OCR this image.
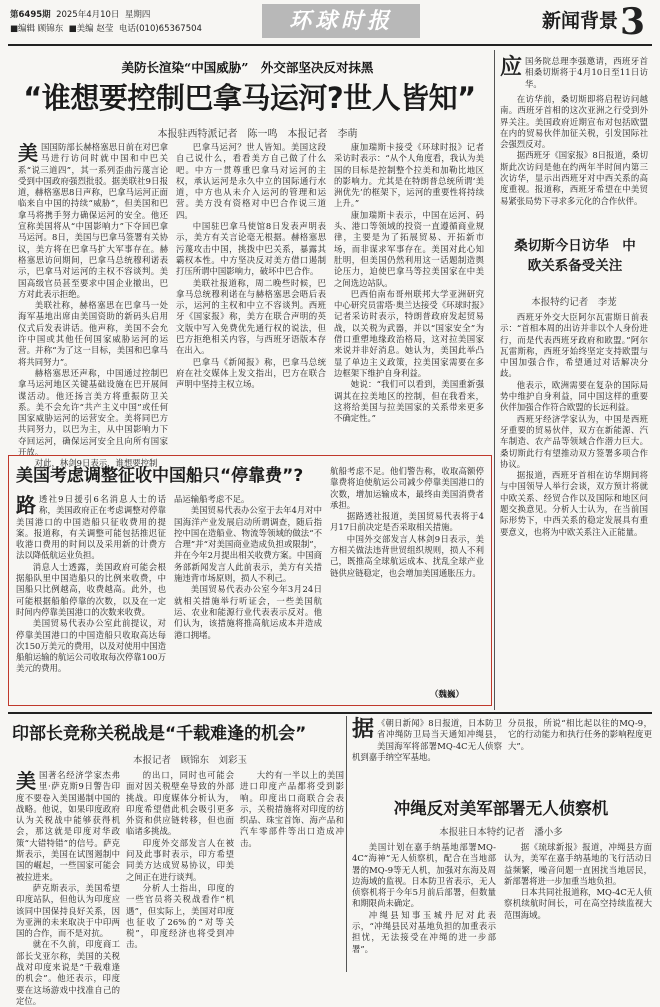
第6495期 2025年4月10日 星期四
■编辑 顾锦东 ■美编 赵莹 电话(010)65367504	环球时报	新闻背景 3
美防长渲染“中国威胁”　外交部坚决反对抹黑
“谁想要控制巴拿马运河?世人皆知”
本报驻西特派记者　陈一鸣　本报记者　李萌

美国国防部长赫格塞思日前在对巴拿马进行访问时就中国和中巴关系“说三道四”，其一系列歪曲污蔑言论受到中国政府强烈批驳。据美联社9日报道，赫格塞思8日声称，巴拿马运河正面临来自中国的持续“威胁”，但美国和巴拿马将携手努力确保运河的安全。他还宣称美国将从“中国影响力”下夺回巴拿马运河。8日，美国与巴拿马签署有关协议，美方将在巴拿马扩大军事存在。赫格塞思访问期间，巴拿马总统穆利诺表示，巴拿马对运河的主权不容谈判。美国高级官员甚至要求中国企业撤出，巴方对此表示拒绝。

美联社称，赫格塞思在巴拿马一处海军基地出席由美国资助的新码头启用仪式后发表讲话。他声称，美国不会允许中国或其他任何国家威胁运河的运营。并称“为了这一目标，美国和巴拿马将共同努力”。

赫格塞思还声称，中国通过控制巴拿马运河地区关键基础设施在巴开展间谍活动。他还扬言美方将重振防卫关系。美不会允许“共产主义中国”或任何国家威胁运河的运营安全。美将同巴方共同努力，以巴为主，从中国影响力下夺回运河，确保运河安全且向所有国家开放。

对此，林剑9日表示，谁想要控制

巴拿马运河？世人皆知。美国这段自己说什么，看看美方自己做了什么吧。中方一贯尊重巴拿马对运河的主权，承认运河是永久中立的国际通行水道，中方也从未介入运河的管理和运营。美方没有资格对中巴合作说三道四。

中国驻巴拿马使馆8日发表声明表示，美方有关言论毫无根据。赫格塞思污蔑攻击中国，挑拨中巴关系，暴露其霸权本性。中方坚决反对美方借口遏制打压所谓中国影响力，破坏中巴合作。

美联社报道称，周二晚些时候，巴拿马总统穆利诺在与赫格塞思会晤后表示，运河的主权和中立不容谈判。西班牙《国家报》称，美方在联合声明的英文版中写入免费优先通行权的说法，但巴方拒绝相关内容，与西班牙语版本存在出入。

巴拿马《新闻报》称，巴拿马总统府在社交媒体上发文指出，巴方在联合声明中坚持主权立场。

康加瑞斯卡接受《环球时报》记者采访时表示：“从个人角度看，我认为美国的目标是控制整个拉美和加勒比地区的影响力。尤其是在特朗普总统所谓‘美洲优先’的框架下，运河的重要性将持续上升。”

康加瑞斯卡表示，中国在运河、码头、港口等领域的投资一直遵循商业规律，主要是为了拓展贸易、开拓新市场，而非谋求军事存在。美国对此心知肚明，但美国仍然利用这一话题制造舆论压力，迫使巴拿马等拉美国家在中美之间选边站队。

巴西伯南布哥州联邦大学亚洲研究中心研究员雷塔·奥兰达接受《环球时报》记者采访时表示，特朗普政府发起贸易战，以关税为武器，并以“国家安全”为借口重塑地缘政治格局，这对拉美国家来说并非好消息。她认为，美国此举凸显了单边主义政策，拉美国家需要在多边框架下维护自身利益。

她说：“我们可以看到，美国重新强调其在拉美地区的控制，但在我看来，这将给美国与拉美国家的关系带来更多不确定性。”

美国考虑调整征收中国船只“停靠费”?

路透社9日援引6名消息人士的话称，美国政府正在考虑调整对停靠美国港口的中国造船只征收费用的提案。报道称，有关调整可能包括推迟征收港口费用的时间以及采用新的计费方法以降低航运业负担。

消息人士透露，美国政府可能会根据船队里中国造船只的比例来收费，中国船只比例越高，收费越高。此外，也可能根据船舶停靠的次数，以及在一定时间内停靠美国港口的次数来收费。

美国贸易代表办公室此前提议，对停靠美国港口的中国造船只收取高达每次150万美元的费用，以及对使用中国造船舶运输的航运公司收取每次停靠100万美元的费用。

品运输船考虑不足。

美国贸易代表办公室于去年4月对中国海洋产业发展启动所谓调查，随后指控中国在造船业、物流等领域的做法“不合理”并“对美国商业造成负担或限制”，并在今年2月提出相关收费方案。中国商务部新闻发言人此前表示，美方有关措施违背市场原则，损人不利己。

美国贸易代表办公室今年3月24日就相关措施举行听证会，一些美国航运、农业和能源行业代表表示反对。他们认为，该措施将推高航运成本并造成港口拥堵。

航船考虑不足。他们警告称，收取高额停靠费将迫使航运公司减少停靠美国港口的次数，增加运输成本，最终由美国消费者承担。

据路透社报道，美国贸易代表将于4月17日前决定是否采取相关措施。

中国外交部发言人林剑9日表示，美方相关做法违背世贸组织规则，损人不利己，既推高全球航运成本、扰乱全球产业链供应链稳定，也会增加美国通胀压力。

（魏巍）

应国务院总理李强邀请，西班牙首相桑切斯将于4月10日至11日访华。

在访华前，桑切斯即将启程访问越南。西班牙首相的这次亚洲之行受到外界关注。美国政府近期宣布对包括欧盟在内的贸易伙伴加征关税，引发国际社会强烈反对。

据西班牙《国家报》8日报道，桑切斯此次访问是他在约两年半时间内第三次访华，显示出西班牙对中西关系的高度重视。报道称，西班牙希望在中美贸易紧张局势下寻求多元化的合作伙伴。

桑切斯今日访华　中欧关系备受关注
本报特约记者　李茏

西班牙外交大臣阿尔瓦雷斯日前表示：“首相本周的出访并非以个人身份进行，而是代表西班牙政府和欧盟。”阿尔瓦雷斯称，西班牙始终坚定支持欧盟与中国加强合作，希望通过对话解决分歧。

他表示，欧洲需要在复杂的国际局势中维护自身利益，同中国这样的重要伙伴加强合作符合欧盟的长远利益。

西班牙经济学家认为，中国是西班牙重要的贸易伙伴，双方在新能源、汽车制造、农产品等领域合作潜力巨大。桑切斯此行有望推动双方签署多项合作协议。

据报道，西班牙首相在访华期间将与中国领导人举行会谈，双方预计将就中欧关系、经贸合作以及国际和地区问题交换意见。分析人士认为，在当前国际形势下，中西关系的稳定发展具有重要意义，也将为中欧关系注入正能量。

印部长竞称关税战是“千载难逢的机会”
本报记者　顾锦东　刘彩玉

美国著名经济学家杰弗里·萨克斯9日警告印度不要卷入美国遏制中国的战略。他说，如果印度政府认为关税战中能够获得机会，那这就是印度对华政策“大错特错”的信号。萨克斯表示，美国在试图遏制中国的崛起，一些国家可能会被拉进来。

萨克斯表示，美国希望印度站队，但他认为印度应该同中国保持良好关系，因为亚洲的未来取决于中印两国的合作，而不是对抗。

就在不久前，印度商工部长戈亚尔称，美国的关税战对印度来说是“千载难逢的机会”。他还表示，印度要在这场游戏中找准自己的定位。

的出口，同时也可能会面对因关税壁垒导致的外部挑战。印度媒体分析认为，印度希望借此机会吸引更多外资和供应链转移，但也面临诸多挑战。

印度外交部发言人在被问及此事时表示，印方希望同美方达成贸易协议，印美之间正在进行谈判。

分析人士指出，印度的一些官员将关税战看作“机遇”，但实际上，美国对印度也征收了26%的“对等关税”，印度经济也将受到冲击。

大约有一半以上的美国进口印度产品都将受到影响。印度出口商联合会表示，关税措施将对印度的纺织品、珠宝首饰、海产品和汽车零部件等出口造成冲击。

据 《朝日新闻》8日报道，日本防卫省冲绳防卫局当天通知冲绳县，美国海军将部署MQ-4C无人侦察机到嘉手纳空军基地。

分员报，所说“相比起以往的MQ-9，它的行动能力和执行任务的影响程度更大”。

冲绳反对美军部署无人侦察机
本报驻日本特约记者　潘小多

美国计划在嘉手纳基地部署MQ-4C“海神”无人侦察机，配合在当地部署的MQ-9等无人机，加强对东海及周边海域的监视。日本防卫省表示，无人侦察机将于今年5月前后部署，但数量和期限尚未确定。

冲绳县知事玉城丹尼对此表示，“冲绳县民对基地负担的加重表示担忧，无法接受在冲绳的进一步部署”。

据《琉球新报》报道，冲绳县方面认为，美军在嘉手纳基地的飞行活动日益频繁，噪音问题一直困扰当地居民，新部署将进一步加重当地负担。

日本共同社报道称，MQ-4C无人侦察机续航时间长，可在高空持续监视大范围海域。
